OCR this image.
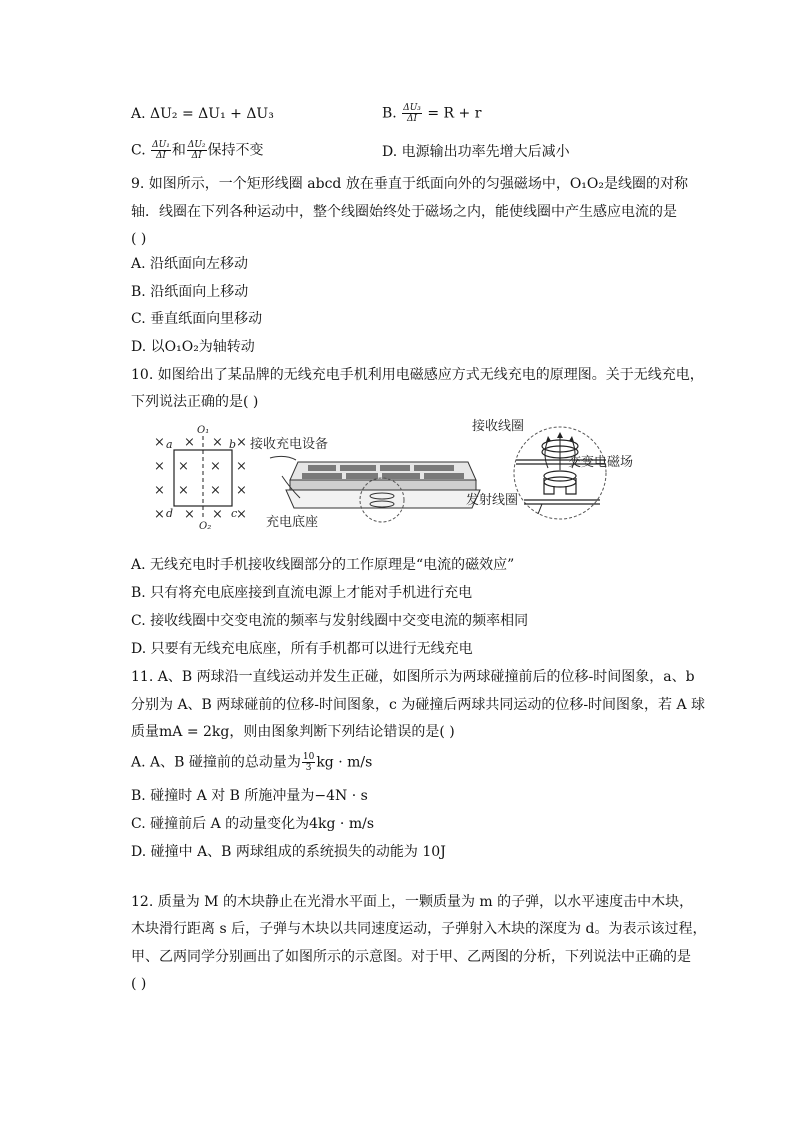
A. ΔU₂ = ΔU₁ + ΔU₃	B. $\frac{\text{ΔU₃}}{\Delta I} = R + r$
C. $\frac{\text{ΔU₁}}{\Delta I}$ 和 $\frac{\text{ΔU₂}}{\Delta I}$ 保持不变	D. 电源输出功率先增大后减小
9. 如图所示，一个矩形线圈 abcd 放在垂直于纸面向外的匀强磁场中，O₁O₂是线圈的对称
轴．线圈在下列各种运动中，整个线圈始终处于磁场之内，能使线圈中产生感应电流的是
( )
A. 沿纸面向左移动
B. 沿纸面向上移动
C. 垂直纸面向里移动
D. 以O₁O₂为轴转动
10. 如图给出了某品牌的无线充电手机利用电磁感应方式无线充电的原理图。关于无线充电，
下列说法正确的是( )
×
×
×
×
×
×
×
×
× ×
× ×
×
×
×
×
a	b
c
d
O₁
O₂
接收充电设备
充电底座
接收线圈
交变电磁场
发射线圈
A. 无线充电时手机接收线圈部分的工作原理是“电流的磁效应”
B. 只有将充电底座接到直流电源上才能对手机进行充电
C. 接收线圈中交变电流的频率与发射线圈中交变电流的频率相同
D. 只要有无线充电底座，所有手机都可以进行无线充电
11. A、B 两球沿一直线运动并发生正碰，如图所示为两球碰撞前后的位移-时间图象，a、b
分别为 A、B 两球碰前的位移-时间图象，c 为碰撞后两球共同运动的位移-时间图象，若 A 球
质量mA = 2kg，则由图象判断下列结论错误的是( )
A. A、B 碰撞前的总动量为 $\frac{10}{3}$ kg · m/s
B. 碰撞时 A 对 B 所施冲量为−4N · s
C. 碰撞前后 A 的动量变化为4kg · m/s
D. 碰撞中 A、B 两球组成的系统损失的动能为 10J
12. 质量为 M 的木块静止在光滑水平面上，一颗质量为 m 的子弹，以水平速度击中木块，
木块滑行距离 s 后，子弹与木块以共同速度运动，子弹射入木块的深度为 d。为表示该过程，
甲、乙两同学分别画出了如图所示的示意图。对于甲、乙两图的分析，下列说法中正确的是
( )
